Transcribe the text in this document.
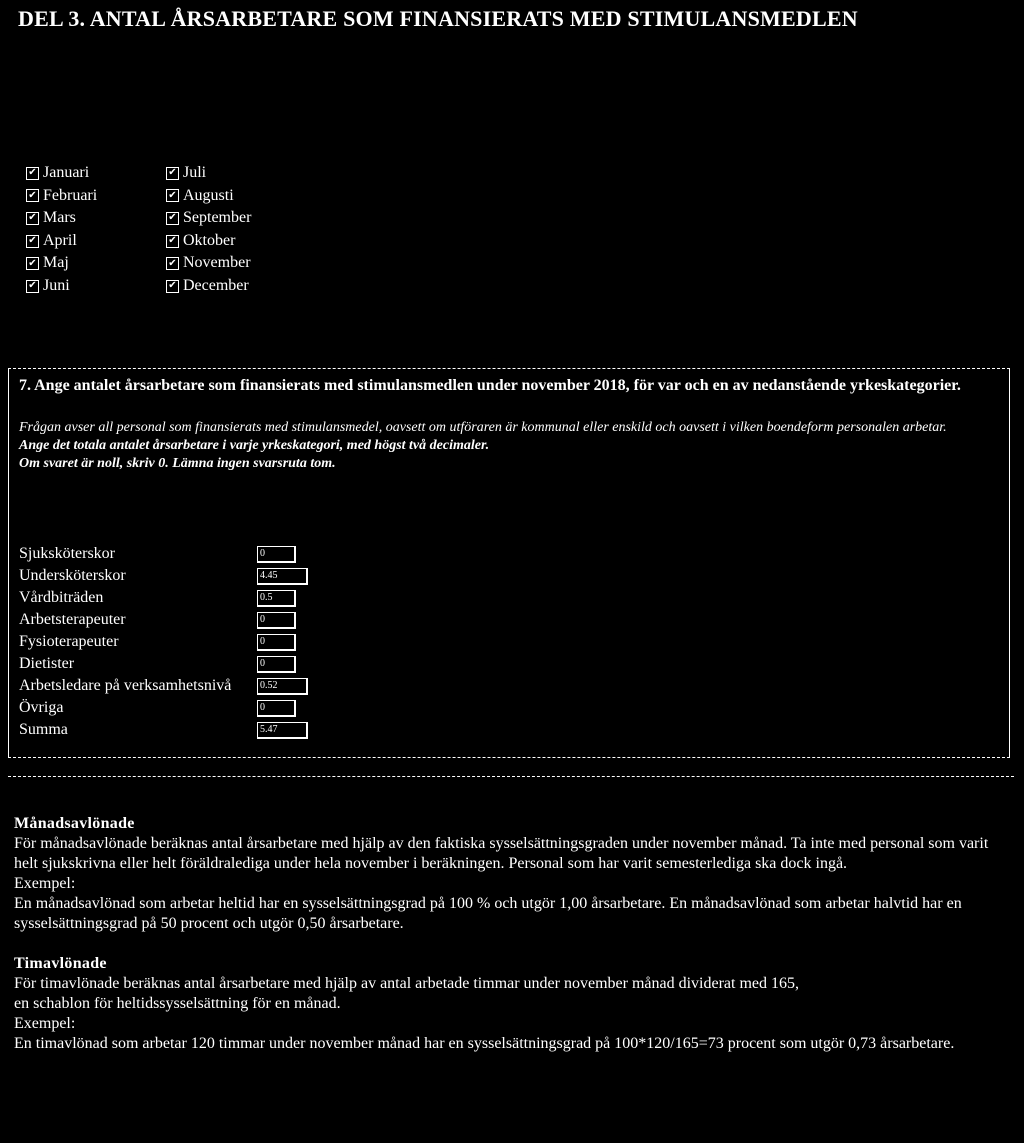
DEL 3. ANTAL ÅRSARBETARE SOM FINANSIERATS MED STIMULANSMEDLEN
✔
Januari
✔
Februari
✔
Mars
✔
April
✔
Maj
✔
Juni
✔
Juli
✔
Augusti
✔
September
✔
Oktober
✔
November
✔
December
7. Ange antalet årsarbetare som finansierats med stimulansmedlen under november 2018, för var och en av nedanstående yrkeskategorier.
Frågan avser all personal som finansierats med stimulansmedel, oavsett om utföraren är kommunal eller enskild och oavsett i vilken boendeform personalen arbetar.
Ange det totala antalet årsarbetare i varje yrkeskategori, med högst två decimaler.
Om svaret är noll, skriv 0. Lämna ingen svarsruta tom.
Sjuksköterskor	0
Undersköterskor	4.45
Vårdbiträden	0.5
Arbetsterapeuter	0
Fysioterapeuter	0
Dietister	0
Arbetsledare på verksamhetsnivå	0.52
Övriga	0
Summa	5.47
Månadsavlönade

För månadsavlönade beräknas antal årsarbetare med hjälp av den faktiska sysselsättningsgraden under november månad. Ta inte med personal som varit helt sjukskrivna eller helt föräldralediga under hela november i beräkningen. Personal som har varit semesterlediga ska dock ingå.

Exempel:

En månadsavlönad som arbetar heltid har en sysselsättningsgrad på 100 % och utgör 1,00 årsarbetare. En månadsavlönad som arbetar halvtid har en sysselsättningsgrad på 50 procent och utgör 0,50 årsarbetare.

Timavlönade

För timavlönade beräknas antal årsarbetare med hjälp av antal arbetade timmar under november månad dividerat med 165,

en schablon för heltidssysselsättning för en månad.

Exempel:

En timavlönad som arbetar 120 timmar under november månad har en sysselsättningsgrad på 100*120/165=73 procent som utgör 0,73 årsarbetare.
